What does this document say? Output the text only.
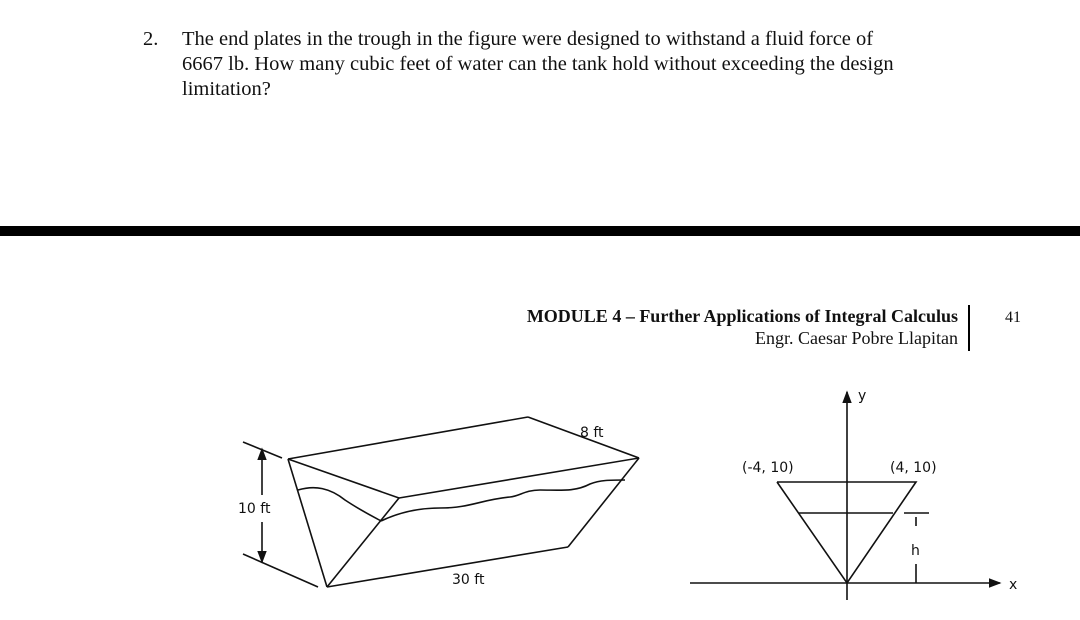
2. The end plates in the trough in the figure were designed to withstand a fluid force of
6667 lb. How many cubic feet of water can the tank hold without exceeding the design
limitation?
MODULE 4 – Further Applications of Integral Calculus
Engr. Caesar Pobre Llapitan
41
10 ft
8 ft
30 ft
y
x
(-4, 10)	(4, 10)
h
